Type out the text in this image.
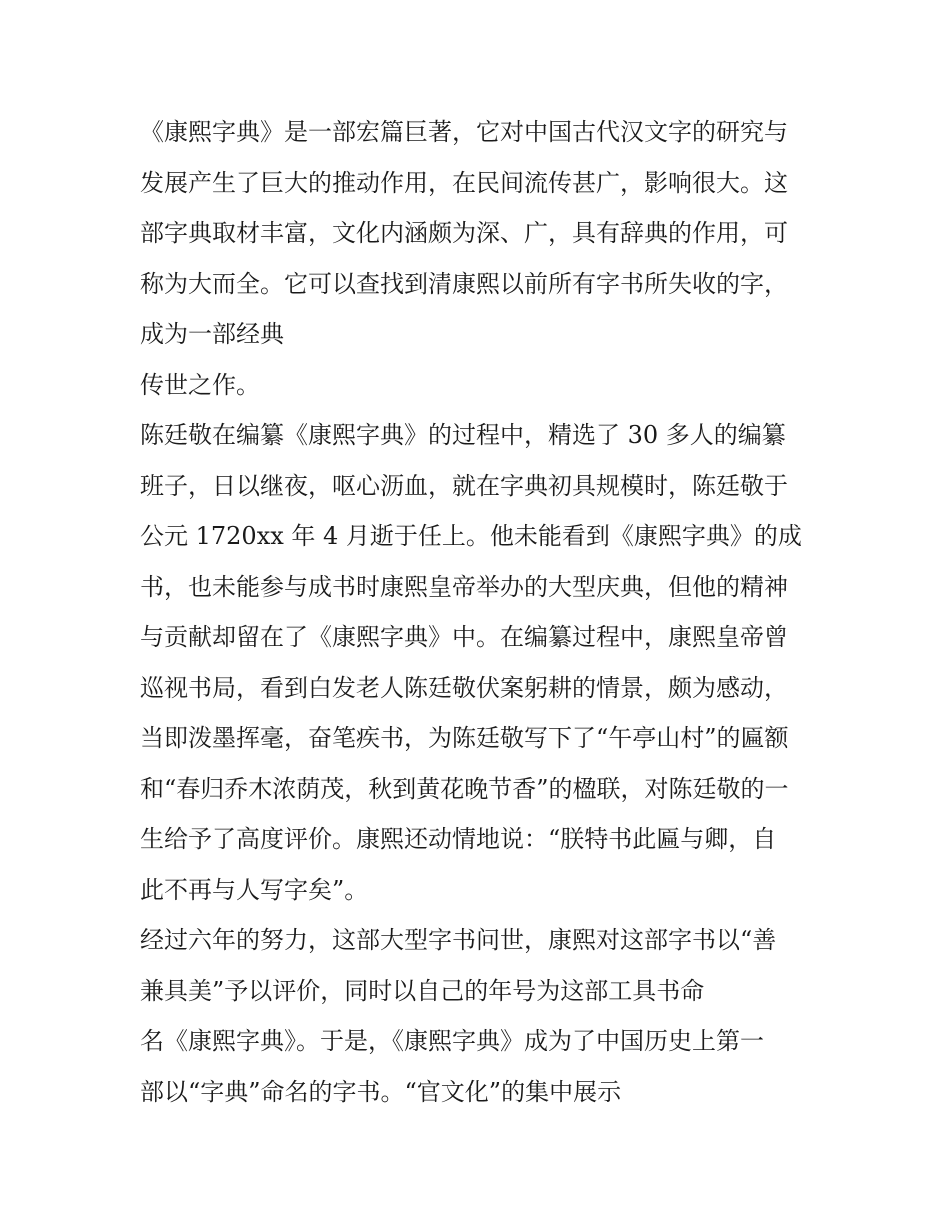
《康熙字典》是一部宏篇巨著，它对中国古代汉文字的研究与
发展产生了巨大的推动作用，在民间流传甚广，影响很大。这
部字典取材丰富，文化内涵颇为深、广，具有辞典的作用，可
称为大而全。它可以查找到清康熙以前所有字书所失收的字，
成为一部经典
传世之作。
陈廷敬在编纂《康熙字典》的过程中，精选了 30 多人的编纂
班子，日以继夜，呕心沥血，就在字典初具规模时，陈廷敬于
公元 1720xx 年 4 月逝于任上。他未能看到《康熙字典》的成
书，也未能参与成书时康熙皇帝举办的大型庆典，但他的精神
与贡献却留在了《康熙字典》中。在编纂过程中，康熙皇帝曾
巡视书局，看到白发老人陈廷敬伏案躬耕的情景，颇为感动，
当即泼墨挥毫，奋笔疾书，为陈廷敬写下了“午亭山村”的匾额
和“春归乔木浓荫茂，秋到黄花晚节香”的楹联，对陈廷敬的一
生给予了高度评价。康熙还动情地说：“朕特书此匾与卿，自
此不再与人写字矣”。
经过六年的努力，这部大型字书问世，康熙对这部字书以“善
兼具美”予以评价，同时以自己的年号为这部工具书命
名《康熙字典》。于是，《康熙字典》成为了中国历史上第一
部以“字典”命名的字书。“官文化”的集中展示
